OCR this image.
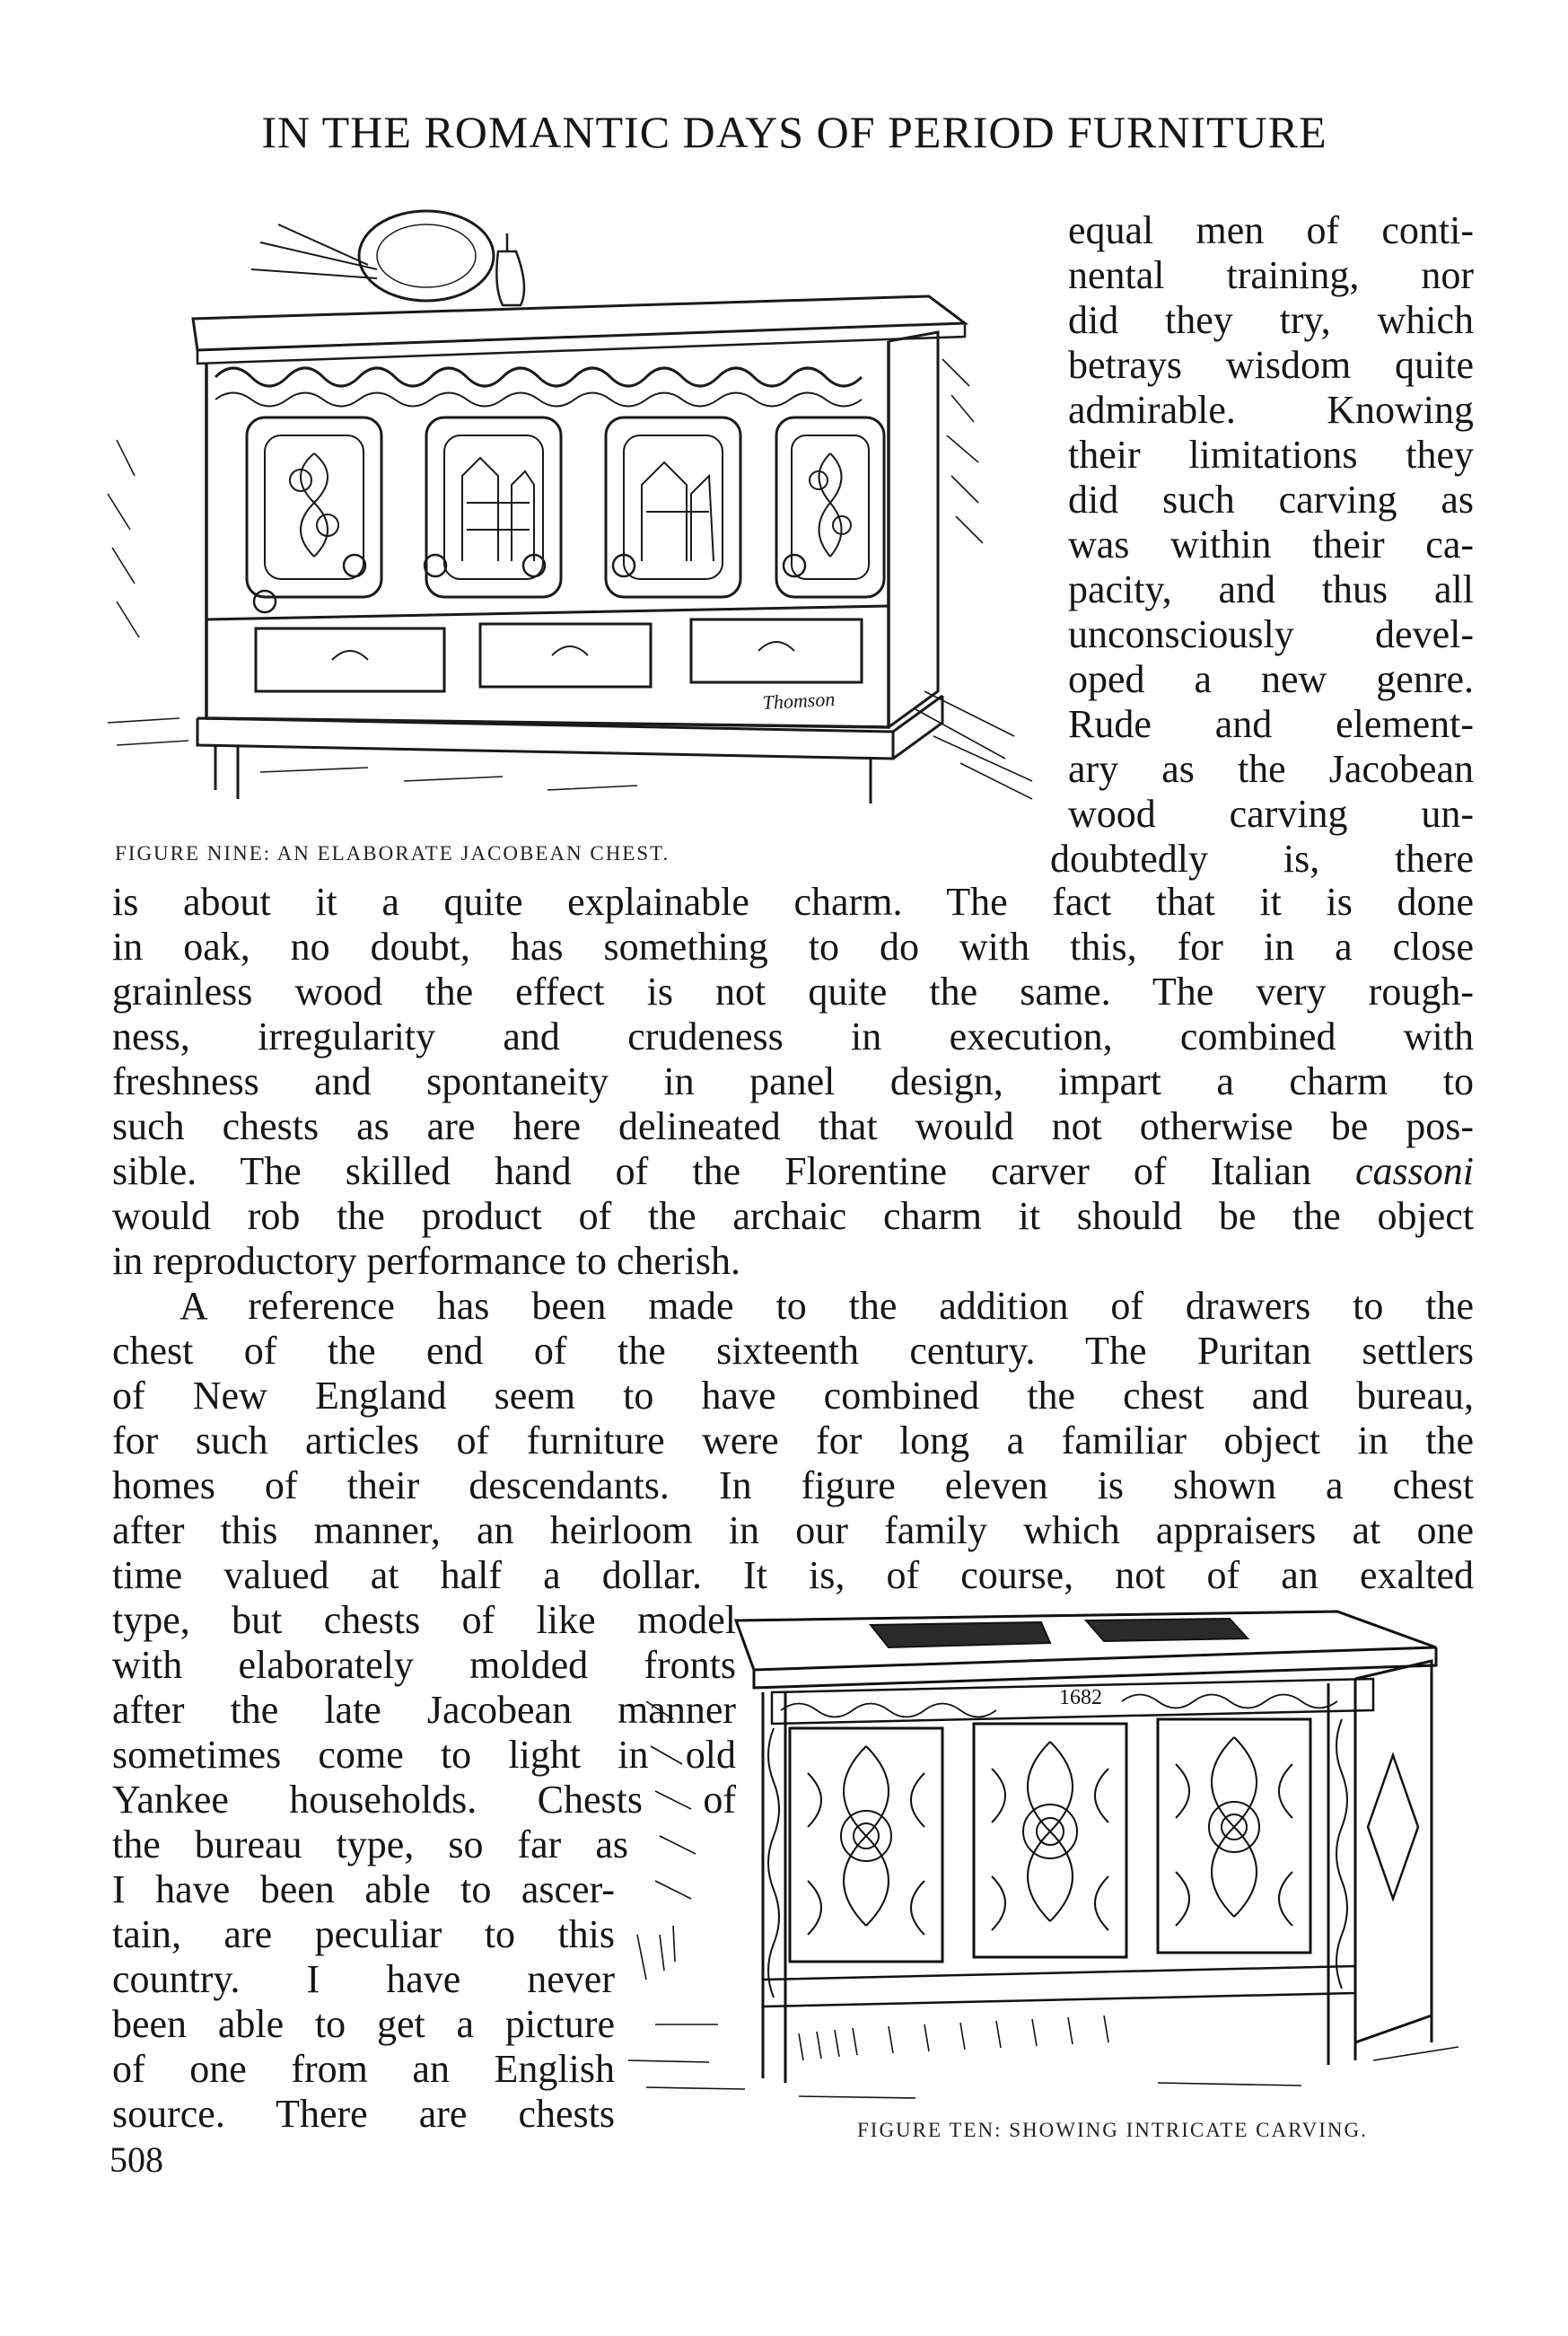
IN THE ROMANTIC DAYS OF PERIOD FURNITURE
Thomson
FIGURE NINE: AN ELABORATE JACOBEAN CHEST.
equal men of conti-
nental training, nor
did they try, which
betrays wisdom quite
admirable. Knowing
their limitations they
did such carving as
was within their ca-
pacity, and thus all
unconsciously devel-
oped a new genre.
Rude and element-
ary as the Jacobean
wood carving un-
doubtedly is, there
is about it a quite explainable charm. The fact that it is done
in oak, no doubt, has something to do with this, for in a close
grainless wood the effect is not quite the same. The very rough-
ness, irregularity and crudeness in execution, combined with
freshness and spontaneity in panel design, impart a charm to
such chests as are here delineated that would not otherwise be pos-
sible. The skilled hand of the Florentine carver of Italian cassoni
would rob the product of the archaic charm it should be the object
in reproductory performance to cherish.
A reference has been made to the addition of drawers to the
chest of the end of the sixteenth century. The Puritan settlers
of New England seem to have combined the chest and bureau,
for such articles of furniture were for long a familiar object in the
homes of their descendants. In figure eleven is shown a chest
after this manner, an heirloom in our family which appraisers at one
time valued at half a dollar. It is, of course, not of an exalted
type, but chests of like model
with elaborately molded fronts
after the late Jacobean manner
sometimes come to light in old
Yankee households. Chests of
the bureau type, so far as
I have been able to ascer-
tain, are peculiar to this
country. I have never
been able to get a picture
of one from an English
source. There are chests
1682
FIGURE TEN: SHOWING INTRICATE CARVING.
508
